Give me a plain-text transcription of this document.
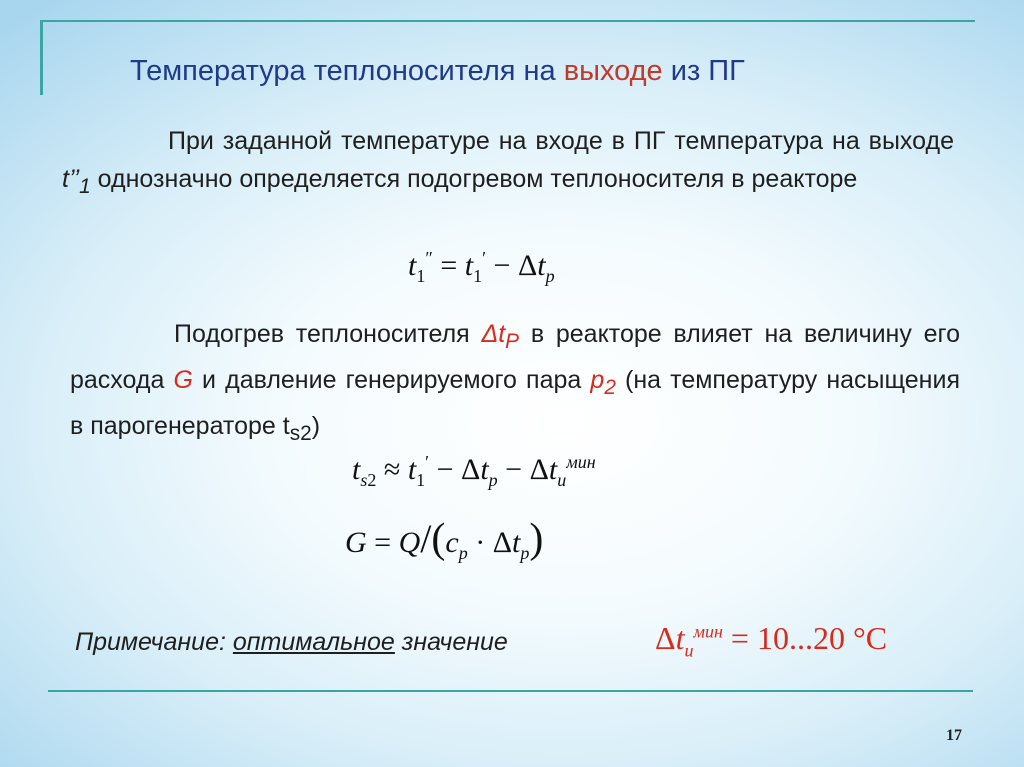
Температура теплоносителя на выходе из ПГ
При заданной температуре на входе в ПГ температура на выходе $t’’_1$ однозначно определяется подогревом теплоносителя в реакторе
$t_1'' = t_1' - \Delta t_p$
Подогрев теплоносителя $\Delta t_P$ в реакторе влияет на величину его расхода G и давление генерируемого пара $p_2$ (на температуру насыщения в парогенераторе $t_{s2}$)
$t_{s2} \approx t_1' - \Delta t_p - \Delta t_u^{мин}$
$G = Q/(c_p \cdot \Delta t_p)$
Примечание: оптимальное значение	$\Delta t_u^{мин} = 10...20$ °C
17
